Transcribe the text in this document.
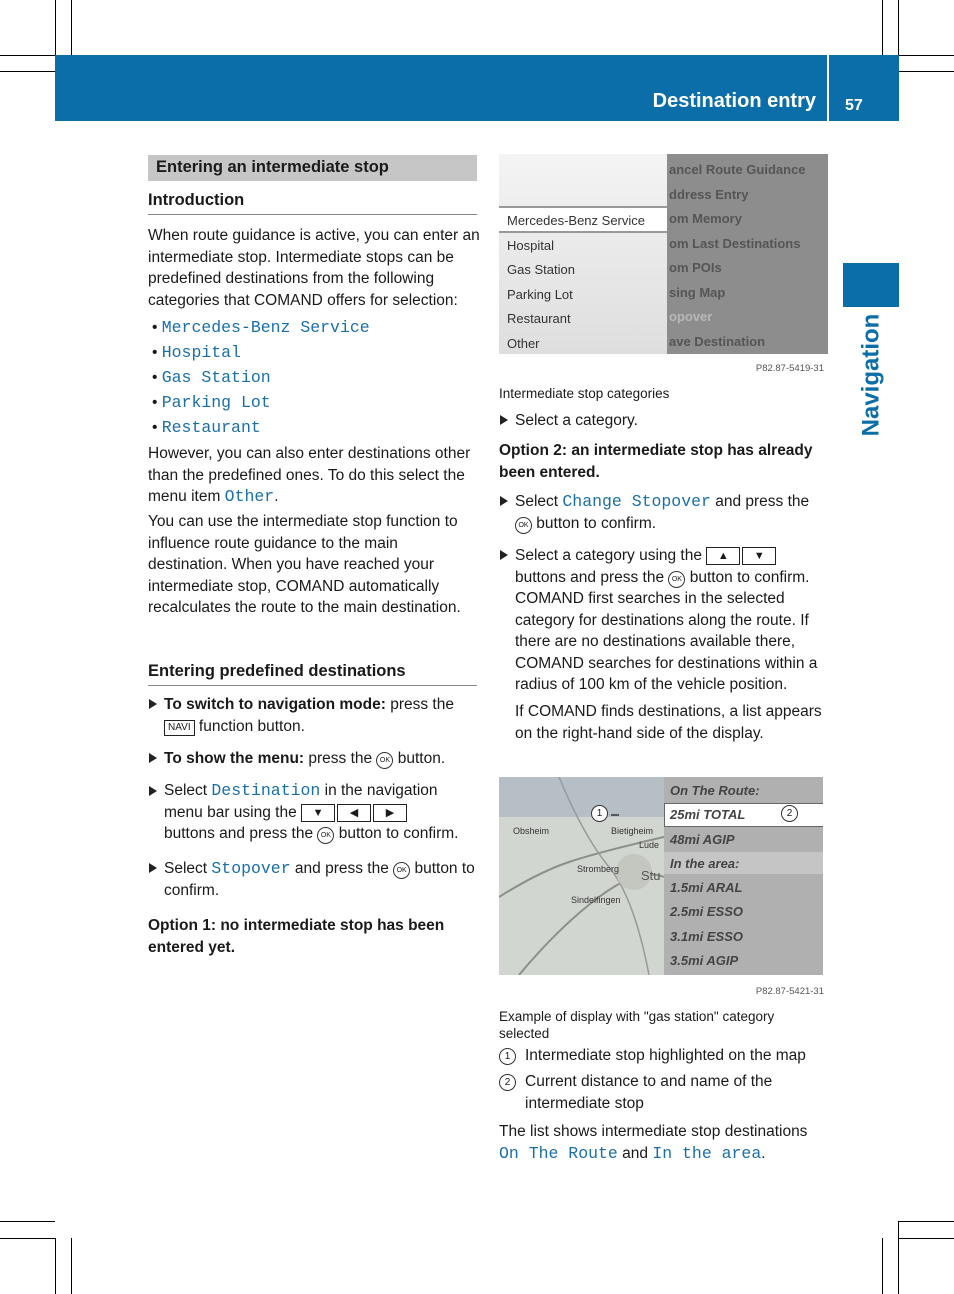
Destination entry 57
Navigation
Entering an intermediate stop
Introduction

When route guidance is active, you can enter an intermediate stop. Intermediate stops can be predefined destinations from the following categories that COMAND offers for selection:

• Mercedes-Benz Service
• Hospital
• Gas Station
• Parking Lot
• Restaurant

However, you can also enter destinations other than the predefined ones. To do this select the menu item Other.

You can use the intermediate stop function to influence route guidance to the main destination. When you have reached your intermediate stop, COMAND automatically recalculates the route to the main destination.

Entering predefined destinations

To switch to navigation mode: press the
NAVI function button.

To show the menu: press the OK button.

Select Destination in the navigation menu bar using the ▼ ◀	▶
buttons and press the OK button to confirm.

Select Stopover and press the OK button to confirm.

Option 1: no intermediate stop has been entered yet.

Mercedes-Benz Service
Hospital
Gas Station
Parking Lot
Restaurant
Other
ancel Route Guidance
ddress Entry
om Memory
om Last Destinations
om POIs
sing Map
opover
ave Destination
P82.87-5419-31

Intermediate stop categories

Select a category.

Option 2: an intermediate stop has already been entered.

Select Change Stopover and press the
OK button to confirm.

Select a category using the ▲ ▼
buttons and press the OK button to confirm. COMAND first searches in the selected category for destinations along the route. If there are no destinations available there, COMAND searches for destinations within a radius of 100 km of the vehicle position.

If COMAND finds destinations, a list appears on the right-hand side of the display.

Obsheim	Bietigheim
Lude
Stromberg Stu
Sindelfingen
1
On The Route:
25mi TOTAL
48mi AGIP
In the area:
1.5mi ARAL
2.5mi ESSO
3.1mi ESSO
3.5mi AGIP
2
P82.87-5421-31

Example of display with "gas station" category selected

1 Intermediate stop highlighted on the map

2 Current distance to and name of the intermediate stop

The list shows intermediate stop destinations On The Route and In the area.
